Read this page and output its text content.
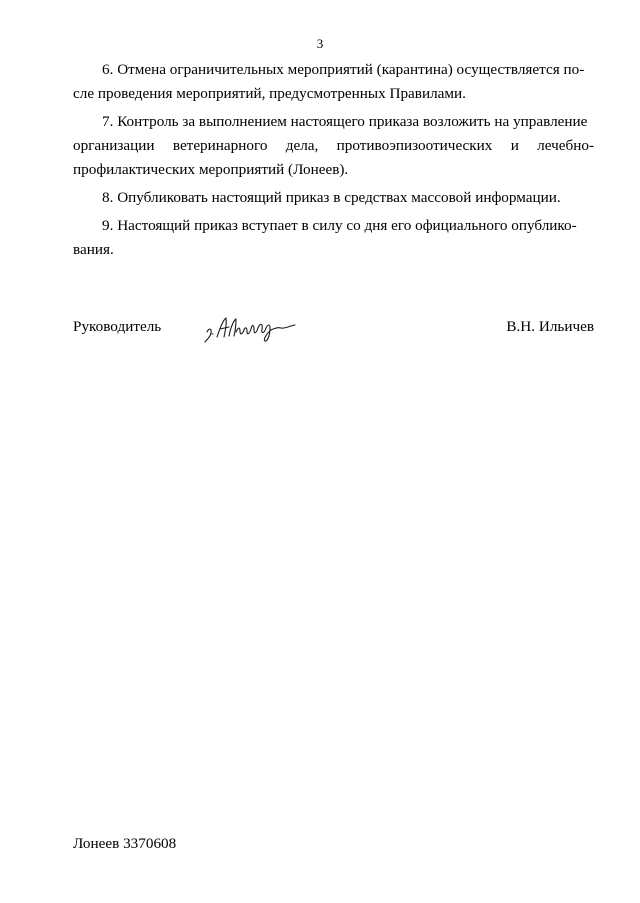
3
6. Отмена ограничительных мероприятий (карантина) осуществляется по-
сле проведения мероприятий, предусмотренных Правилами.
7. Контроль за выполнением настоящего приказа возложить на управление
организации ветеринарного дела, противоэпизоотических и лечебно-
профилактических мероприятий (Лонеев).
8. Опубликовать настоящий приказ в средствах массовой информации.
9. Настоящий приказ вступает в силу со дня его официального опублико-
вания.
Руководитель	В.Н. Ильичев
Лонеев 3370608
